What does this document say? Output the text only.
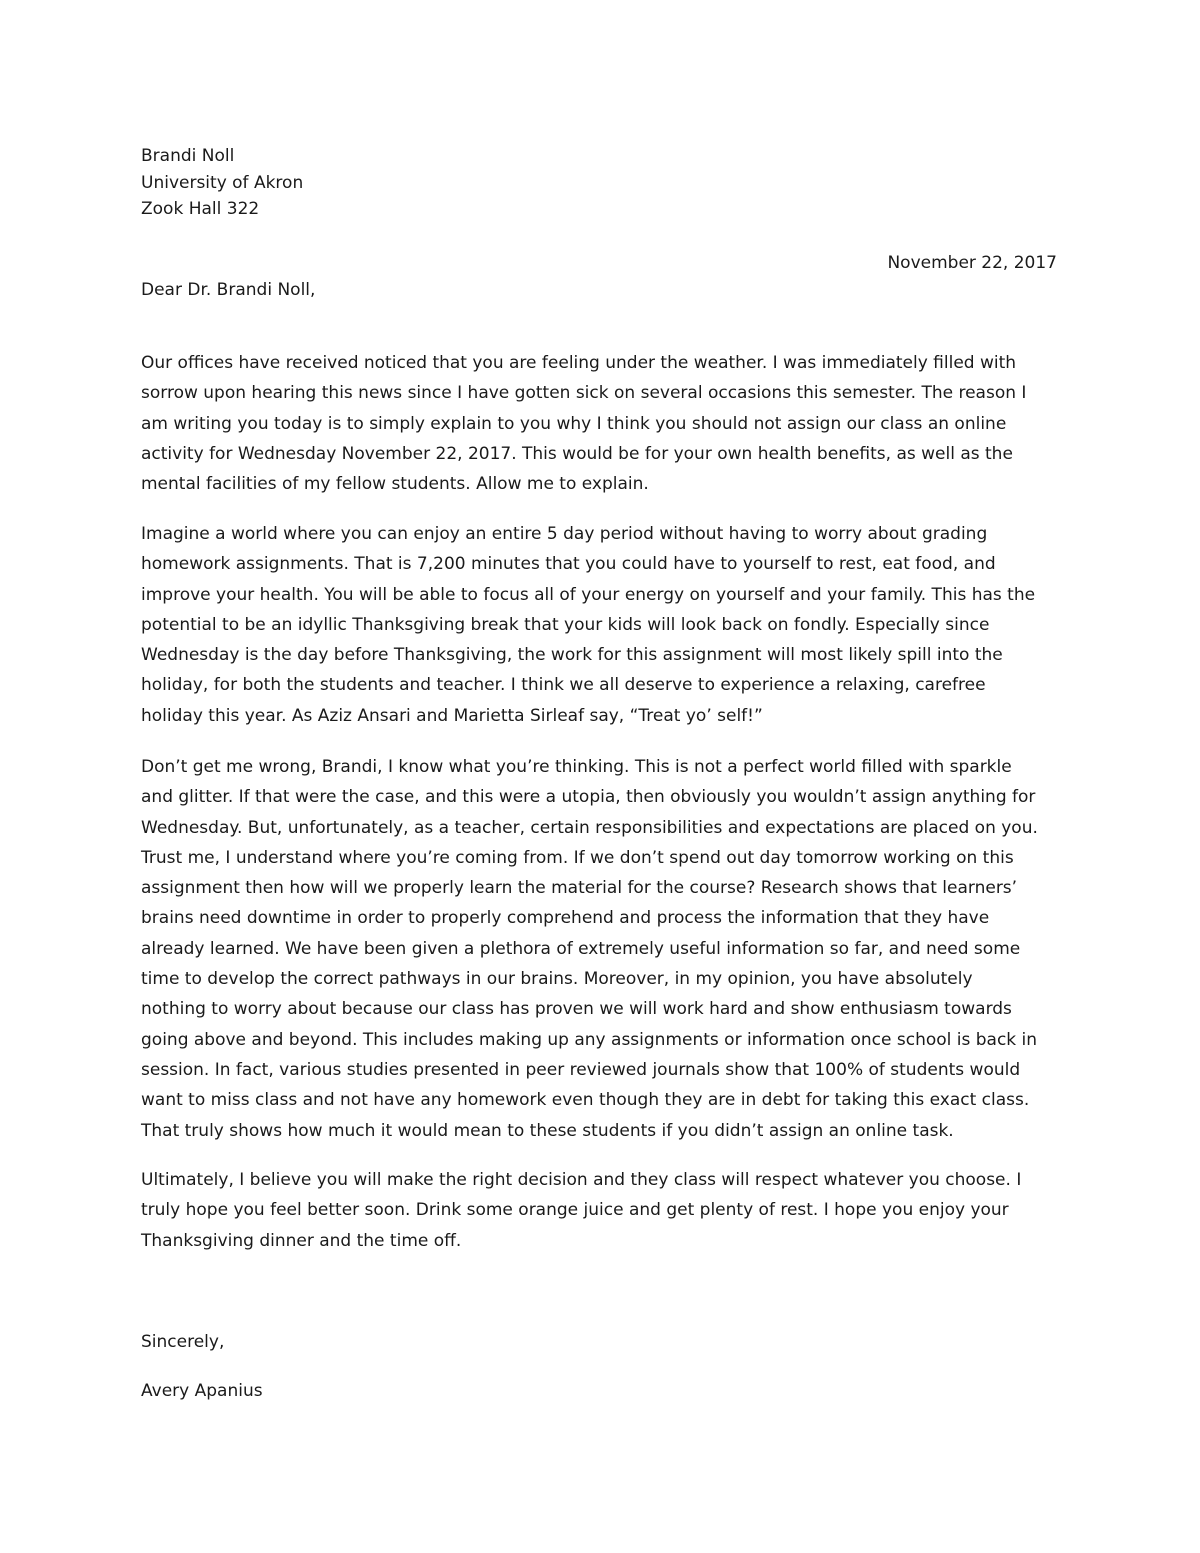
Brandi Noll
University of Akron
Zook Hall 322
November 22, 2017
Dear Dr. Brandi Noll,
Our offices have received noticed that you are feeling under the weather. I was immediately filled with
sorrow upon hearing this news since I have gotten sick on several occasions this semester. The reason I
am writing you today is to simply explain to you why I think you should not assign our class an online
activity for Wednesday November 22, 2017. This would be for your own health benefits, as well as the
mental facilities of my fellow students. Allow me to explain.
Imagine a world where you can enjoy an entire 5 day period without having to worry about grading
homework assignments. That is 7,200 minutes that you could have to yourself to rest, eat food, and
improve your health. You will be able to focus all of your energy on yourself and your family. This has the
potential to be an idyllic Thanksgiving break that your kids will look back on fondly. Especially since
Wednesday is the day before Thanksgiving, the work for this assignment will most likely spill into the
holiday, for both the students and teacher. I think we all deserve to experience a relaxing, carefree
holiday this year. As Aziz Ansari and Marietta Sirleaf say, “Treat yo’ self!”
Don’t get me wrong, Brandi, I know what you’re thinking. This is not a perfect world filled with sparkle
and glitter. If that were the case, and this were a utopia, then obviously you wouldn’t assign anything for
Wednesday. But, unfortunately, as a teacher, certain responsibilities and expectations are placed on you.
Trust me, I understand where you’re coming from. If we don’t spend out day tomorrow working on this
assignment then how will we properly learn the material for the course? Research shows that learners’
brains need downtime in order to properly comprehend and process the information that they have
already learned. We have been given a plethora of extremely useful information so far, and need some
time to develop the correct pathways in our brains. Moreover, in my opinion, you have absolutely
nothing to worry about because our class has proven we will work hard and show enthusiasm towards
going above and beyond. This includes making up any assignments or information once school is back in
session. In fact, various studies presented in peer reviewed journals show that 100% of students would
want to miss class and not have any homework even though they are in debt for taking this exact class.
That truly shows how much it would mean to these students if you didn’t assign an online task.
Ultimately, I believe you will make the right decision and they class will respect whatever you choose. I
truly hope you feel better soon. Drink some orange juice and get plenty of rest. I hope you enjoy your
Thanksgiving dinner and the time off.
Sincerely,
Avery Apanius
